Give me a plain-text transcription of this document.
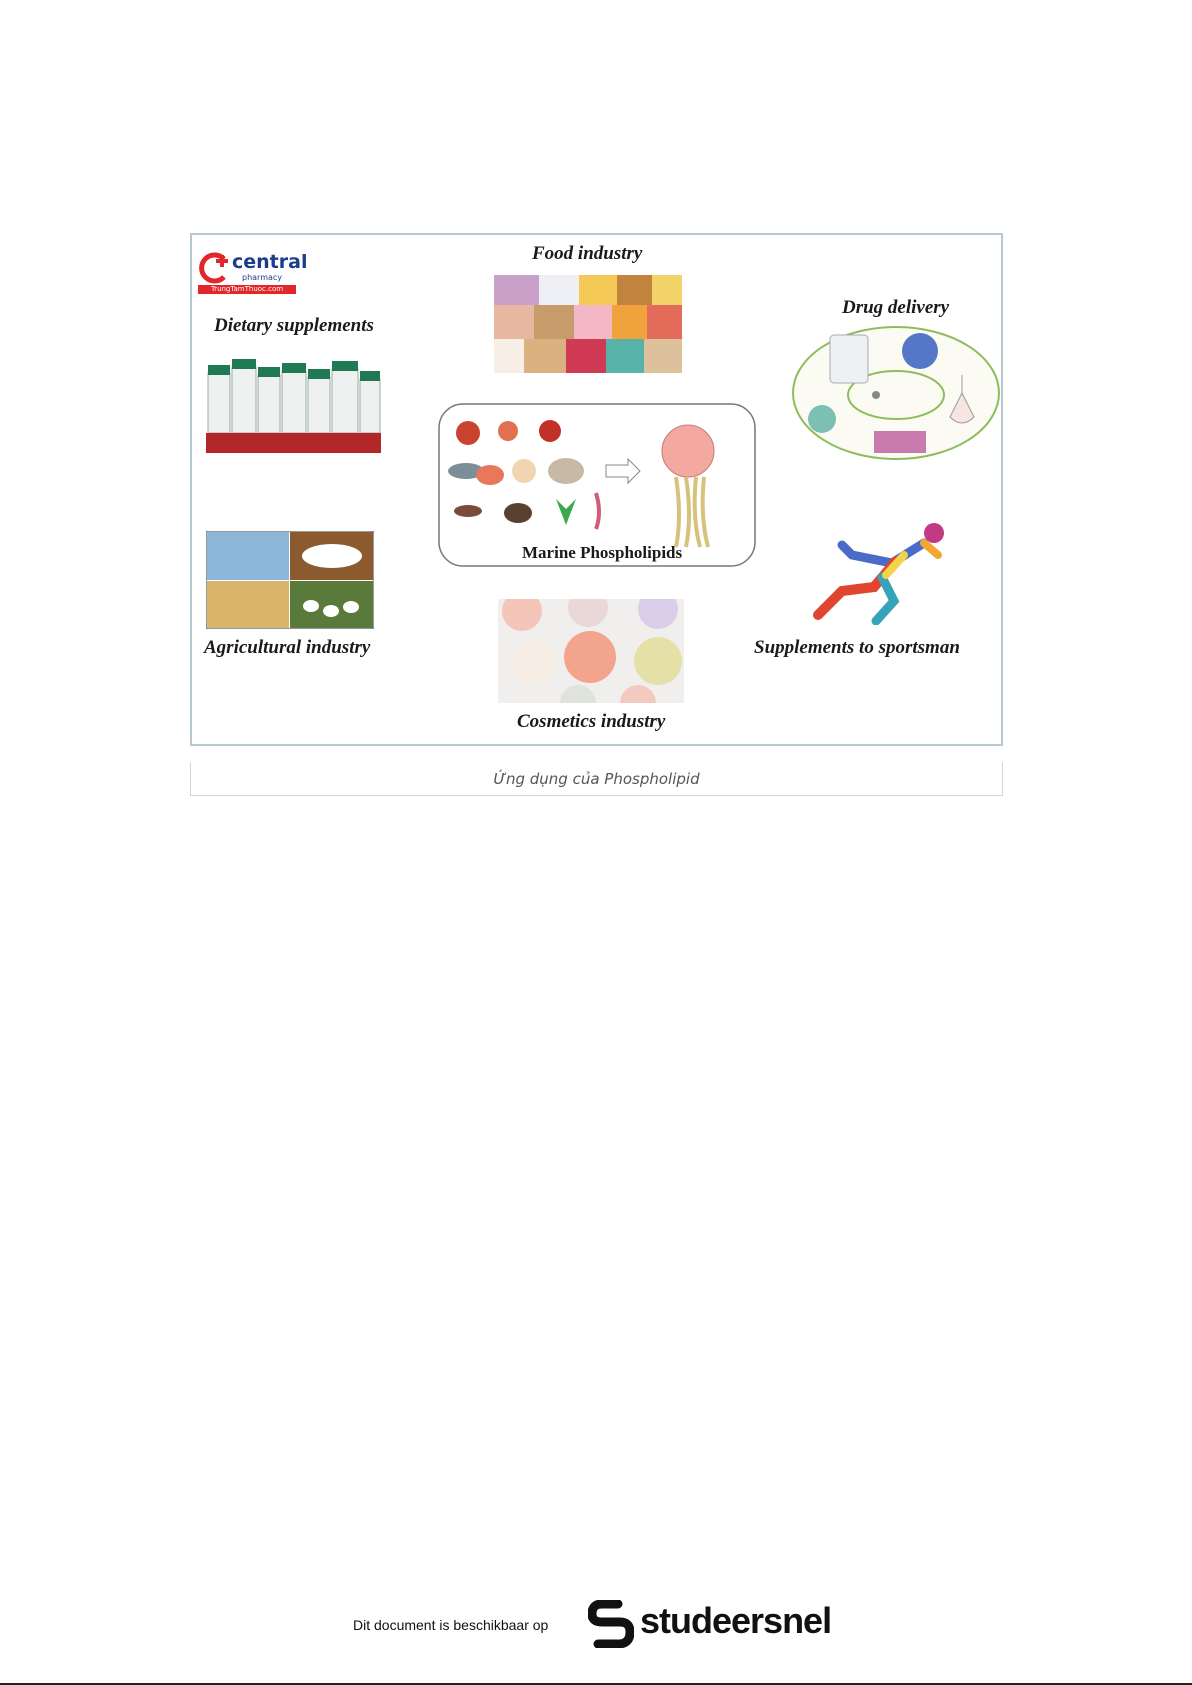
central
pharmacy
TrungTamThuoc.com
Food industry
Dietary supplements
Drug delivery
Marine Phospholipids
Agricultural industry	Supplements to sportsman
Cosmetics industry
Ứng dụng của Phospholipid
Dit document is beschikbaar op	studeersnel
